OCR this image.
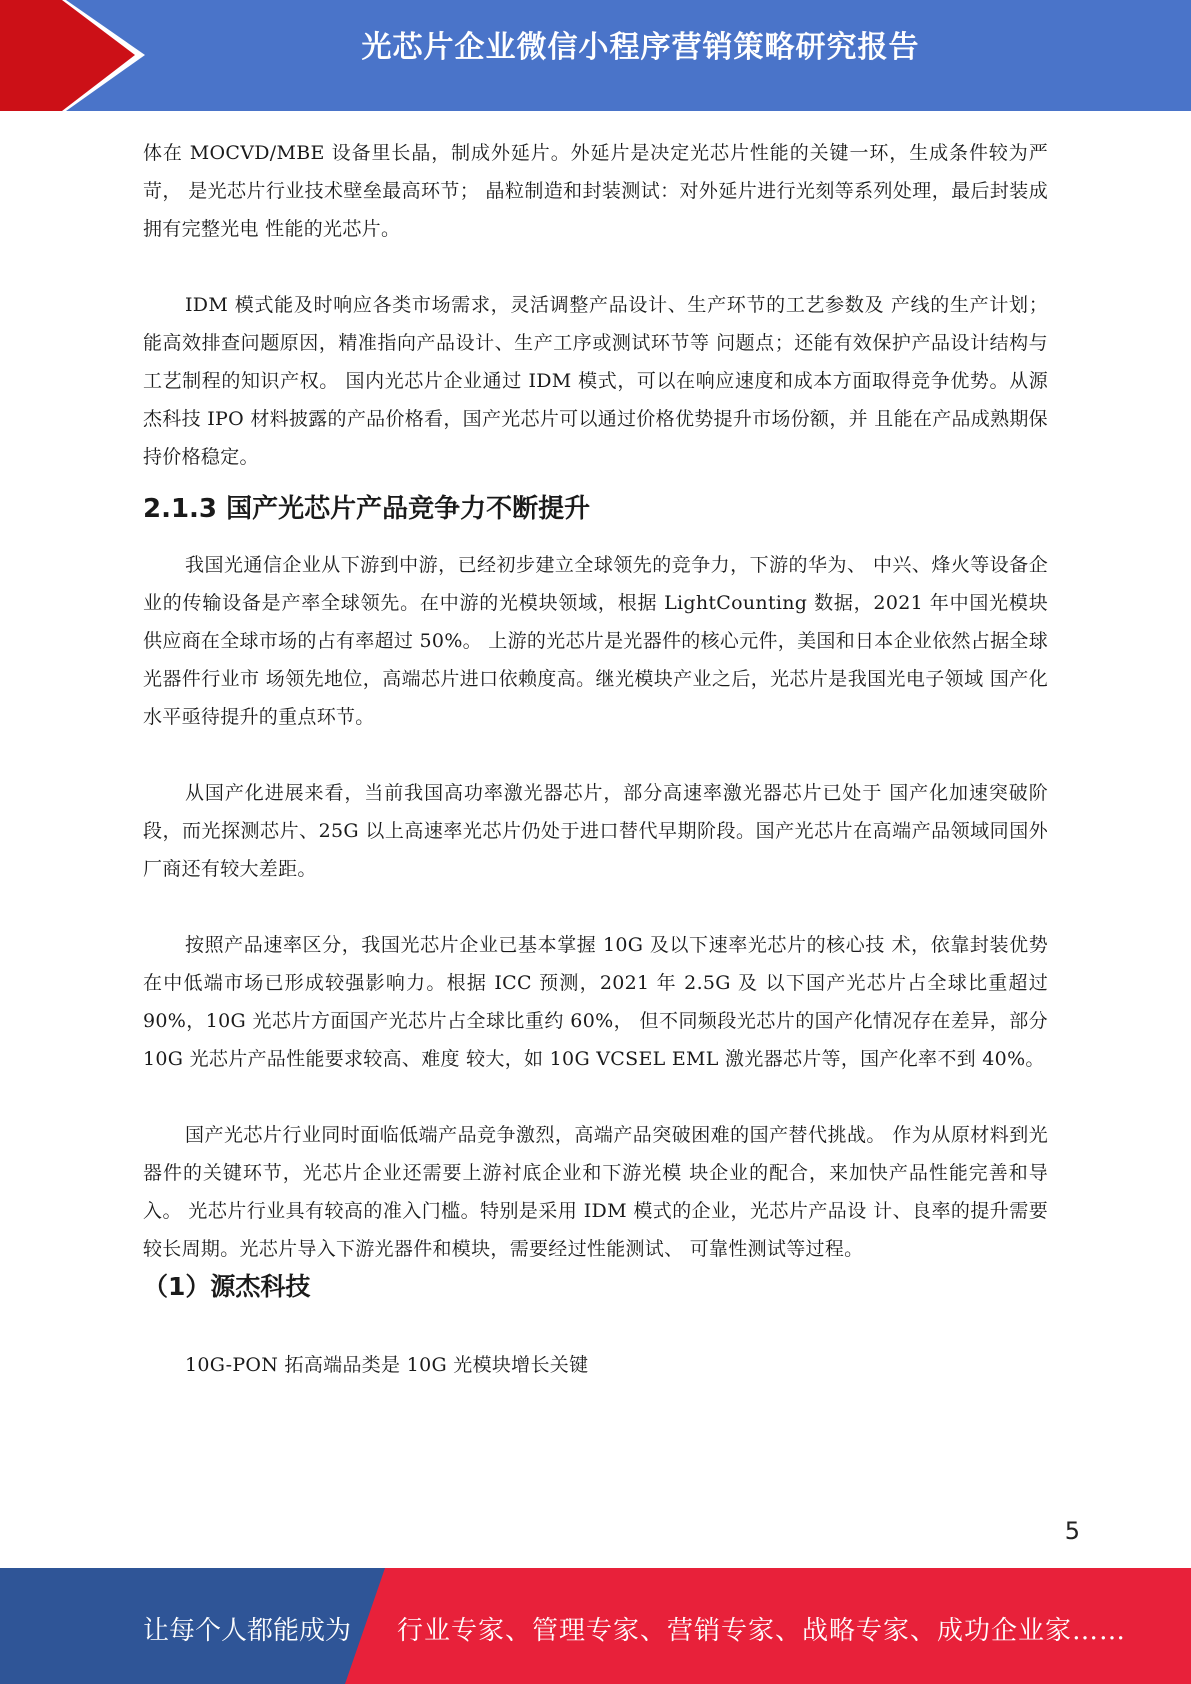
光芯片企业微信小程序营销策略研究报告

体在 MOCVD/MBE 设备里长晶，制成外延片。外延片是决定光芯片性能的关键一环，生成条件较为严苛， 是光芯片行业技术壁垒最高环节； 晶粒制造和封装测试：对外延片进行光刻等系列处理，最后封装成拥有完整光电 性能的光芯片。

IDM 模式能及时响应各类市场需求，灵活调整产品设计、生产环节的工艺参数及 产线的生产计划；能高效排查问题原因，精准指向产品设计、生产工序或测试环节等 问题点；还能有效保护产品设计结构与工艺制程的知识产权。 国内光芯片企业通过 IDM 模式，可以在响应速度和成本方面取得竞争优势。从源 杰科技 IPO 材料披露的产品价格看，国产光芯片可以通过价格优势提升市场份额，并 且能在产品成熟期保持价格稳定。

2.1.3 国产光芯片产品竞争力不断提升

我国光通信企业从下游到中游，已经初步建立全球领先的竞争力，下游的华为、 中兴、烽火等设备企业的传输设备是产率全球领先。在中游的光模块领域，根据 LightCounting 数据，2021 年中国光模块供应商在全球市场的占有率超过 50%。 上游的光芯片是光器件的核心元件，美国和日本企业依然占据全球光器件行业市 场领先地位，高端芯片进口依赖度高。继光模块产业之后，光芯片是我国光电子领域 国产化水平亟待提升的重点环节。

从国产化进展来看，当前我国高功率激光器芯片，部分高速率激光器芯片已处于 国产化加速突破阶段，而光探测芯片、25G 以上高速率光芯片仍处于进口替代早期阶段。国产光芯片在高端产品领域同国外厂商还有较大差距。

按照产品速率区分，我国光芯片企业已基本掌握 10G 及以下速率光芯片的核心技 术，依靠封装优势在中低端市场已形成较强影响力。根据 ICC 预测，2021 年 2.5G 及 以下国产光芯片占全球比重超过 90%，10G 光芯片方面国产光芯片占全球比重约 60%， 但不同频段光芯片的国产化情况存在差异，部分 10G 光芯片产品性能要求较高、难度 较大，如 10G VCSEL EML 激光器芯片等，国产化率不到 40%。

国产光芯片行业同时面临低端产品竞争激烈，高端产品突破困难的国产替代挑战。 作为从原材料到光器件的关键环节，光芯片企业还需要上游衬底企业和下游光模 块企业的配合，来加快产品性能完善和导入。 光芯片行业具有较高的准入门槛。特别是采用 IDM 模式的企业，光芯片产品设 计、良率的提升需要较长周期。光芯片导入下游光器件和模块，需要经过性能测试、 可靠性测试等过程。

（1）源杰科技

10G-PON 拓高端品类是 10G 光模块增长关键

5
让每个人都能成为 行业专家、管理专家、营销专家、战略专家、成功企业家……
